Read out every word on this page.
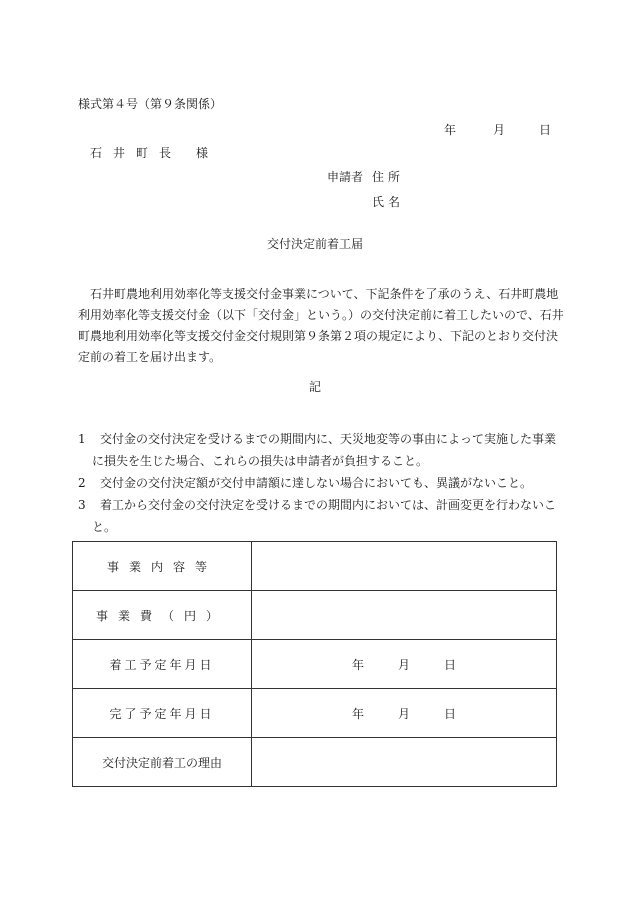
様式第４号（第９条関係）
年	月	日
石井町長 様
申請者 住所
氏名
交付決定前着工届
　石井町農地利用効率化等支援交付金事業について、下記条件を了承のうえ、石井町農地
利用効率化等支援交付金（以下「交付金」という。）の交付決定前に着工したいので、石井
町農地利用効率化等支援交付金交付規則第９条第２項の規定により、下記のとおり交付決
定前の着工を届け出ます。
記
1 交付金の交付決定を受けるまでの期間内に、天災地変等の事由によって実施した事業
に損失を生じた場合、これらの損失は申請者が負担すること。
2 交付金の交付決定額が交付申請額に達しない場合においても、異議がないこと。
3 着工から交付金の交付決定を受けるまでの期間内においては、計画変更を行わないこ
と。
事業内容等	
事業費（円）	
着工予定年月日	年 月 日
完了予定年月日	年 月 日
交付決定前着工の理由	
